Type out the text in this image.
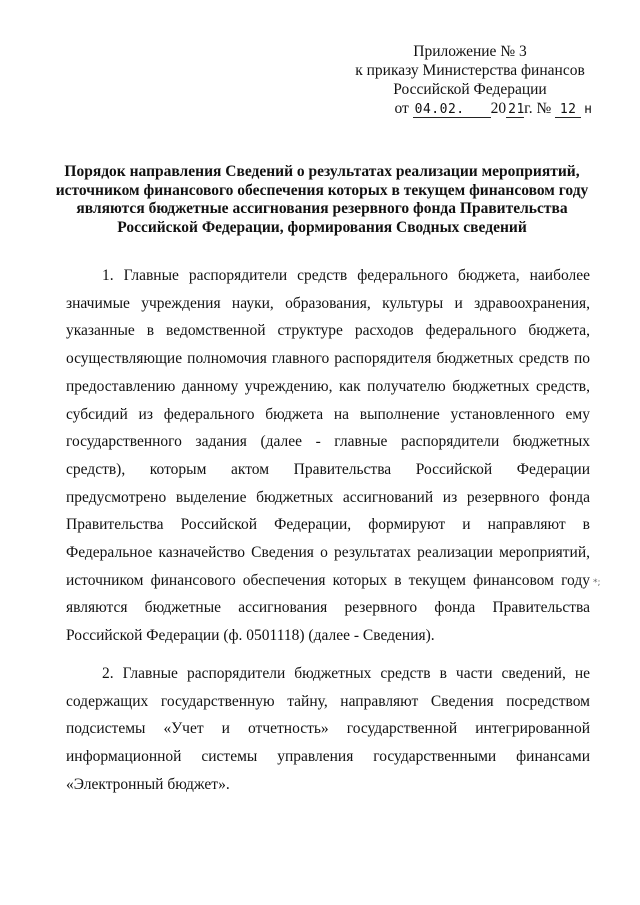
Приложение № 3
к приказу Министерства финансов
Российской Федерации
от 04.02. 20 21г. № 12 н
Порядок направления Сведений о результатах реализации мероприятий,
источником финансового обеспечения которых в текущем финансовом году
являются бюджетные ассигнования резервного фонда Правительства
Российской Федерации, формирования Сводных сведений

1. Главные распорядители средств федерального бюджета, наиболее значимые учреждения науки, образования, культуры и здравоохранения, указанные в ведомственной структуре расходов федерального бюджета, осуществляющие полномочия главного распорядителя бюджетных средств по предоставлению данному учреждению, как получателю бюджетных средств, субсидий из федерального бюджета на выполнение установленного ему государственного задания (далее - главные распорядители бюджетных средств), которым актом Правительства Российской Федерации предусмотрено выделение бюджетных ассигнований из резервного фонда Правительства Российской Федерации, формируют и направляют в Федеральное казначейство Сведения о результатах реализации мероприятий, источником финансового обеспечения которых в текущем финансовом году являются бюджетные ассигнования резервного фонда Правительства Российской Федерации (ф. 0501118) (далее - Сведения).

2. Главные распорядители бюджетных средств в части сведений, не содержащих государственную тайну, направляют Сведения посредством подсистемы «Учет и отчетность» государственной интегрированной информационной системы управления государственными финансами «Электронный бюджет».

*;
